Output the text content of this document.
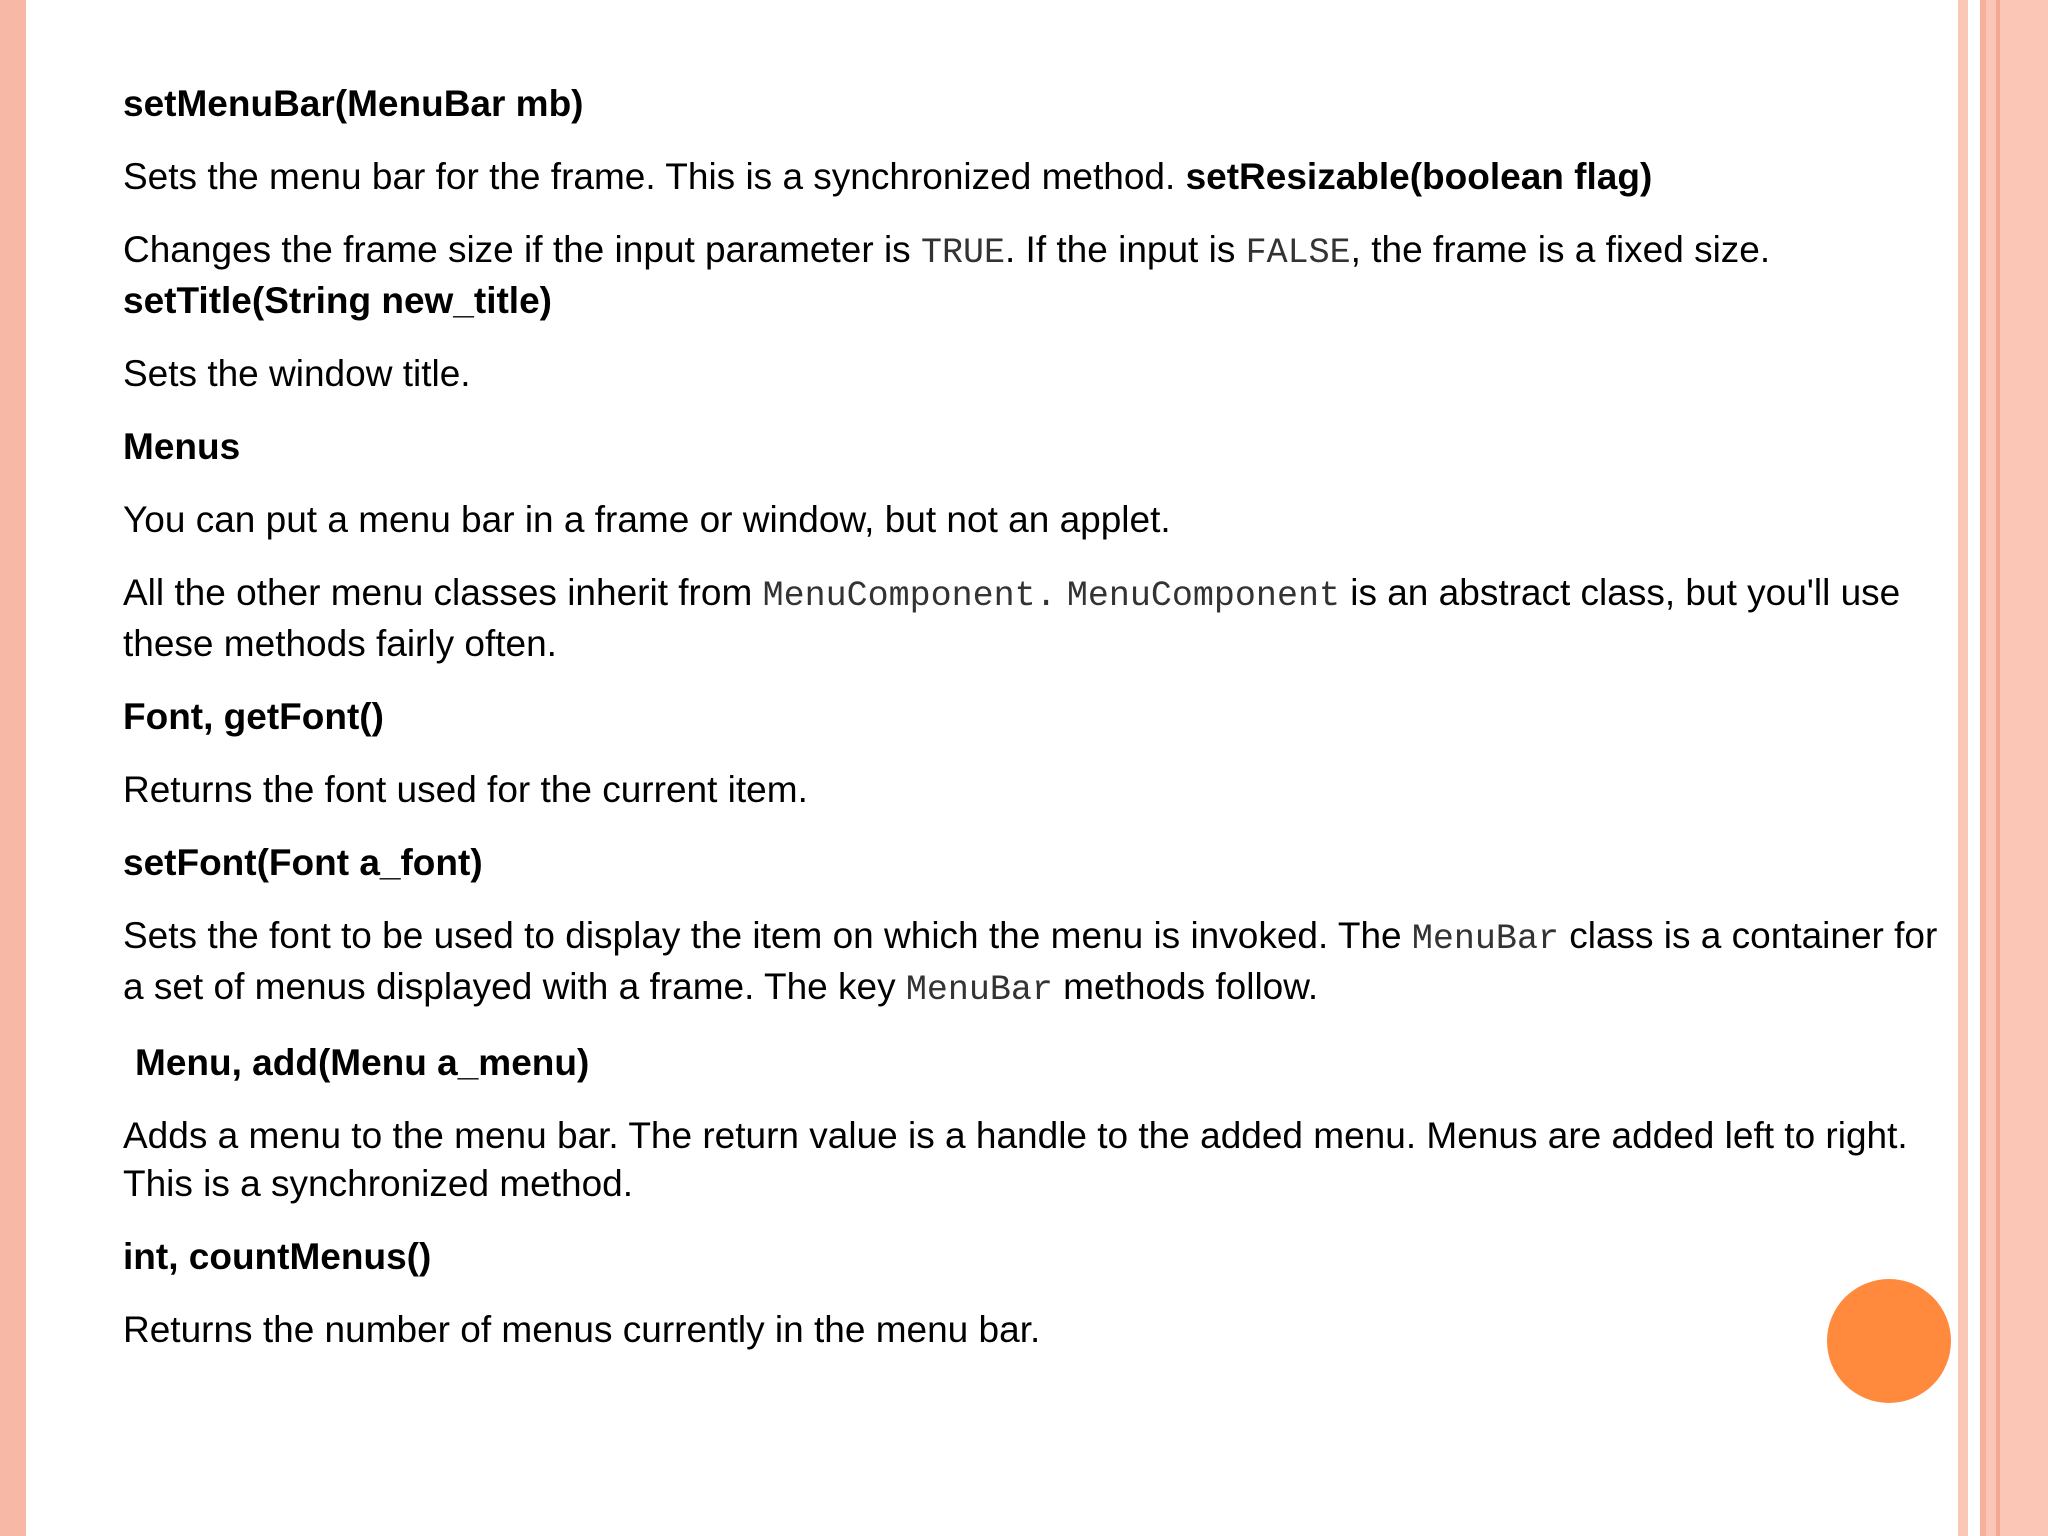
setMenuBar(MenuBar mb)

Sets the menu bar for the frame. This is a synchronized method. setResizable(boolean flag)

Changes the frame size if the input parameter is TRUE. If the input is FALSE, the frame is a fixed size.
setTitle(String new_title)

Sets the window title.

Menus

You can put a menu bar in a frame or window, but not an applet.

All the other menu classes inherit from MenuComponent. MenuComponent is an abstract class, but you'll use these methods fairly often.

Font, getFont()

Returns the font used for the current item.

setFont(Font a_font)

Sets the font to be used to display the item on which the menu is invoked. The MenuBar class is a container for a set of menus displayed with a frame. The key MenuBar methods follow.

Menu, add(Menu a_menu)

Adds a menu to the menu bar. The return value is a handle to the added menu. Menus are added left to right. This is a synchronized method.

int, countMenus()

Returns the number of menus currently in the menu bar.
